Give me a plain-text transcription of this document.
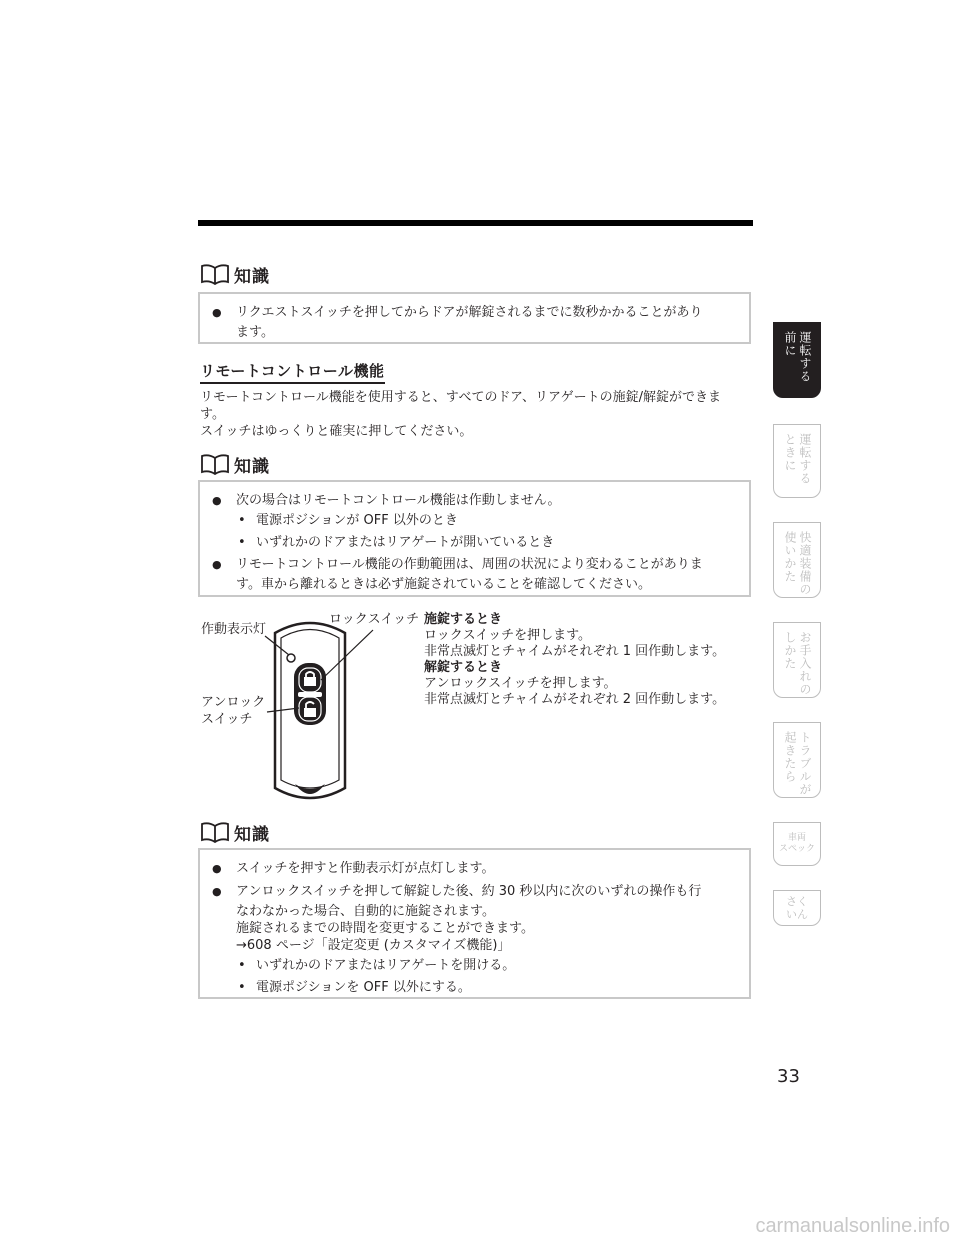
知識
● リクエストスイッチを押してからドアが解錠されるまでに数秒かかることがあり
ます。
リモートコントロール機能
リモートコントロール機能を使用すると、すべてのドア、リアゲートの施錠/解錠ができま
す。
スイッチはゆっくりと確実に押してください。
知識
● 次の場合はリモートコントロール機能は作動しません。
• 電源ポジションが OFF 以外のとき
• いずれかのドアまたはリアゲートが開いているとき
● リモートコントロール機能の作動範囲は、周囲の状況により変わることがありま
す。車から離れるときは必ず施錠されていることを確認してください。
作動表示灯
ロックスイッチ
アンロック
スイッチ
施錠するとき
ロックスイッチを押します。
非常点滅灯とチャイムがそれぞれ 1 回作動します。
解錠するとき
アンロックスイッチを押します。
非常点滅灯とチャイムがそれぞれ 2 回作動します。
知識
● スイッチを押すと作動表示灯が点灯します。
● アンロックスイッチを押して解錠した後、約 30 秒以内に次のいずれの操作も行
なわなかった場合、自動的に施錠されます。
施錠されるまでの時間を変更することができます。
→608 ページ「設定変更 (カスタマイズ機能)」
• いずれかのドアまたはリアゲートを開ける。
• 電源ポジションを OFF 以外にする。
運転する
前に
運転する
ときに
快適装備の
使いかた
お手入れの
しかた
トラブルが
起きたら
車両
スペック
さく
いん
33
carmanualsonline.info
